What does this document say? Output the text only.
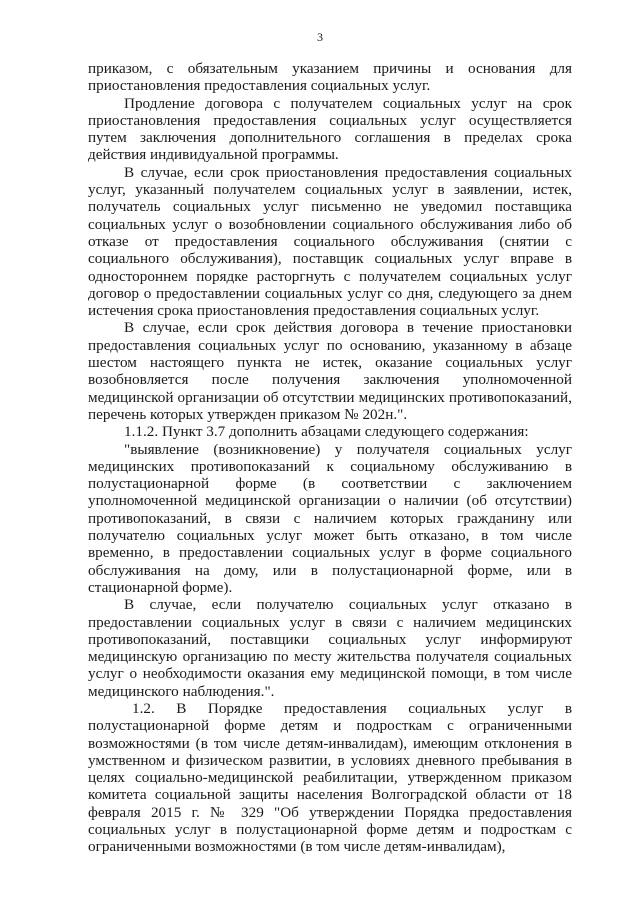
3

приказом, с обязательным указанием причины и основания для приостановления предоставления социальных услуг.

Продление договора с получателем социальных услуг на срок приостановления предоставления социальных услуг осуществляется путем заключения дополнительного соглашения в пределах срока действия индивидуальной программы.

В случае, если срок приостановления предоставления социальных услуг, указанный получателем социальных услуг в заявлении, истек, получатель социальных услуг письменно не уведомил поставщика социальных услуг о возобновлении социального обслуживания либо об отказе от предоставления социального обслуживания (снятии с социального обслуживания), поставщик социальных услуг вправе в одностороннем порядке расторгнуть с получателем социальных услуг договор о предоставлении социальных услуг со дня, следующего за днем истечения срока приостановления предоставления социальных услуг.

В случае, если срок действия договора в течение приостановки предоставления социальных услуг по основанию, указанному в абзаце шестом настоящего пункта не истек, оказание социальных услуг возобновляется после получения заключения уполномоченной медицинской организации об отсутствии медицинских противопоказаний, перечень которых утвержден приказом № 202н.".

1.1.2. Пункт 3.7 дополнить абзацами следующего содержания:

"выявление (возникновение) у получателя социальных услуг медицинских противопоказаний к социальному обслуживанию в полустационарной форме (в соответствии с заключением уполномоченной медицинской организации о наличии (об отсутствии) противопоказаний, в связи с наличием которых гражданину или получателю социальных услуг может быть отказано, в том числе временно, в предоставлении социальных услуг в форме социального обслуживания на дому, или в полустационарной форме, или в стационарной форме).

В случае, если получателю социальных услуг отказано в предоставлении социальных услуг в связи с наличием медицинских противопоказаний, поставщики социальных услуг информируют медицинскую организацию по месту жительства получателя социальных услуг о необходимости оказания ему медицинской помощи, в том числе медицинского наблюдения.".

1.2. В Порядке предоставления социальных услуг в полустационарной форме детям и подросткам с ограниченными возможностями (в том числе детям-инвалидам), имеющим отклонения в умственном и физическом развитии, в условиях дневного пребывания в целях социально-медицинской реабилитации, утвержденном приказом комитета социальной защиты населения Волгоградской области от 18 февраля 2015 г. № 329 "Об утверждении Порядка предоставления социальных услуг в полустационарной форме детям и подросткам с ограниченными возможностями (в том числе детям-инвалидам),
